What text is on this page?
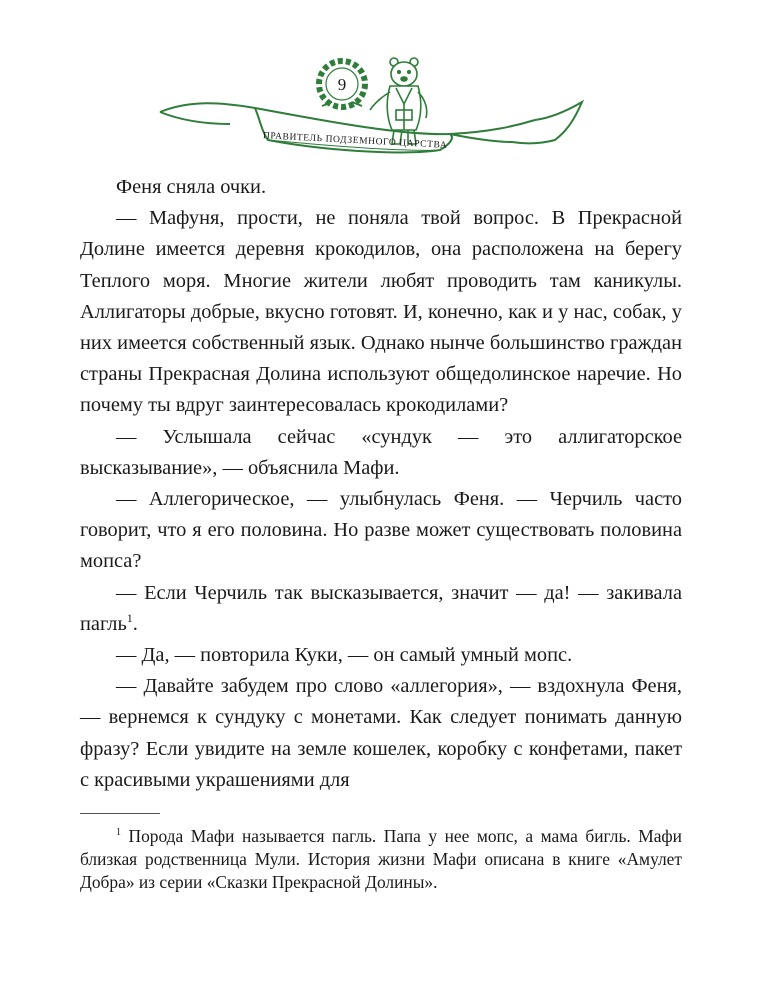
9
ПРАВИТЕЛЬ ПОДЗЕМНОГО ЦАРСТВА

Феня сняла очки.

— Мафуня, прости, не поняла твой вопрос. В Прекрасной Долине имеется деревня крокодилов, она расположена на берегу Теплого моря. Многие жители любят проводить там каникулы. Аллигаторы добрые, вкусно готовят. И, конечно, как и у нас, собак, у них имеется собственный язык. Однако нынче большинство граждан страны Прекрасная Долина используют общедолинское наречие. Но почему ты вдруг заинтересовалась крокодилами?

— Услышала сейчас «сундук — это аллигаторское высказывание», — объяснила Мафи.

— Аллегорическое, — улыбнулась Феня. — Черчиль часто говорит, что я его половина. Но разве может существовать половина мопса?

— Если Черчиль так высказывается, значит — да! — закивала пагль$^1$.

— Да, — повторила Куки, — он самый умный мопс.

— Давайте забудем про слово «аллегория», — вздохнула Феня, — вернемся к сундуку с монетами. Как следует понимать данную фразу? Если увидите на земле кошелек, коробку с конфетами, пакет с красивыми украшениями для

$^1$ Порода Мафи называется пагль. Папа у нее мопс, а мама бигль. Мафи близкая родственница Мули. История жизни Мафи описана в книге «Амулет Добра» из серии «Сказки Прекрасной Долины».
